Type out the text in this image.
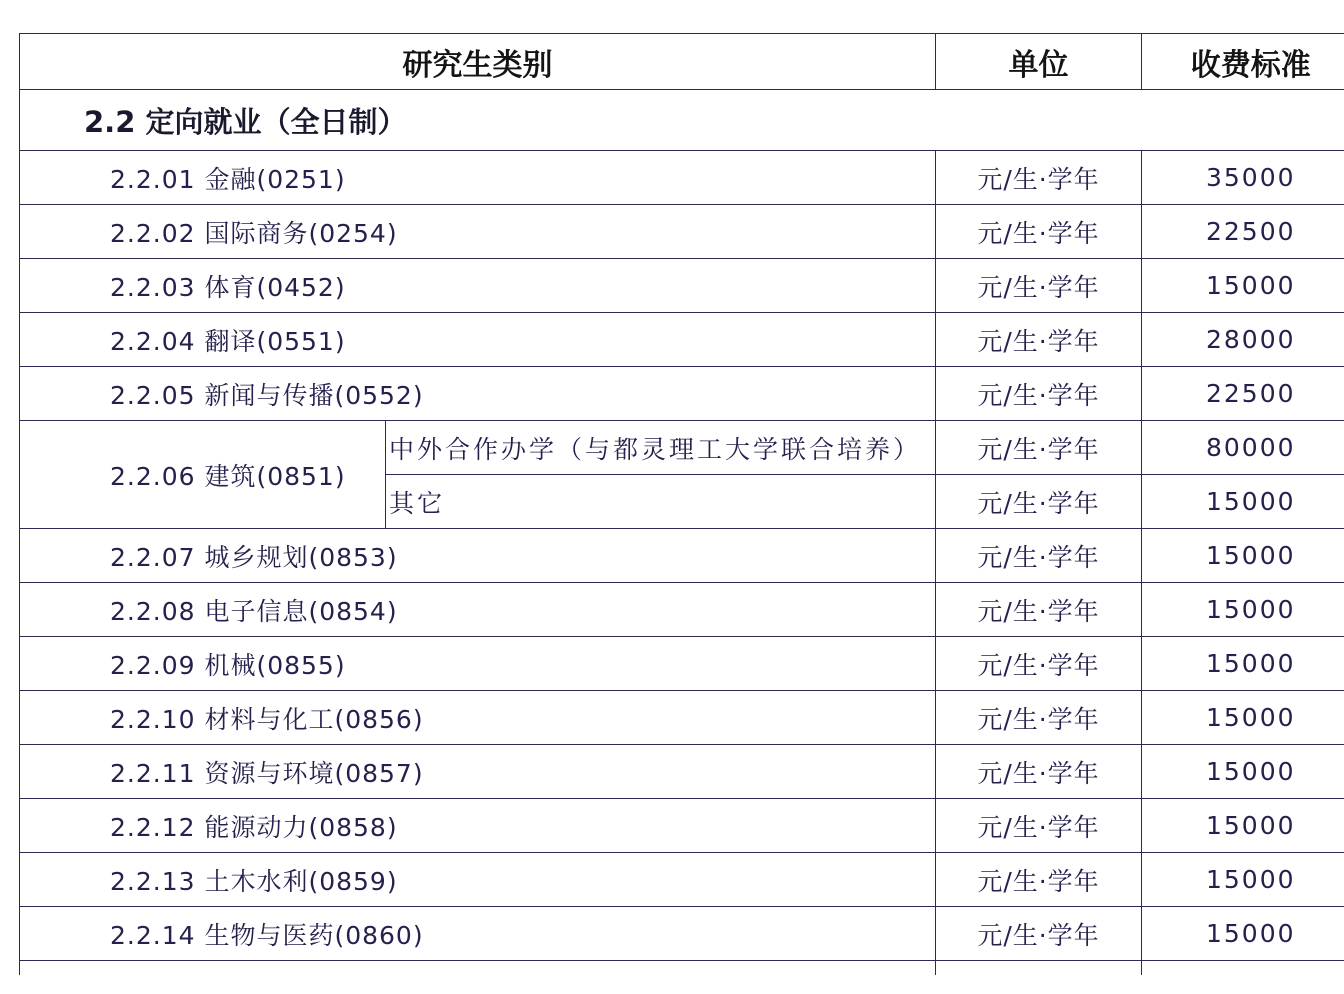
研究生类别		单位	收费标准
2.2 定向就业（全日制）			
2.2.01 金融(0251)		元/生·学年	35000
2.2.02 国际商务(0254)		元/生·学年	22500
2.2.03 体育(0452)		元/生·学年	15000
2.2.04 翻译(0551)		元/生·学年	28000
2.2.05 新闻与传播(0552)		元/生·学年	22500
2.2.06 建筑(0851)	中外合作办学（与都灵理工大学联合培养）	元/生·学年	80000
	其它	元/生·学年	15000
2.2.07 城乡规划(0853)		元/生·学年	15000
2.2.08 电子信息(0854)		元/生·学年	15000
2.2.09 机械(0855)		元/生·学年	15000
2.2.10 材料与化工(0856)		元/生·学年	15000
2.2.11 资源与环境(0857)		元/生·学年	15000
2.2.12 能源动力(0858)		元/生·学年	15000
2.2.13 土木水利(0859)		元/生·学年	15000
2.2.14 生物与医药(0860)		元/生·学年	15000
